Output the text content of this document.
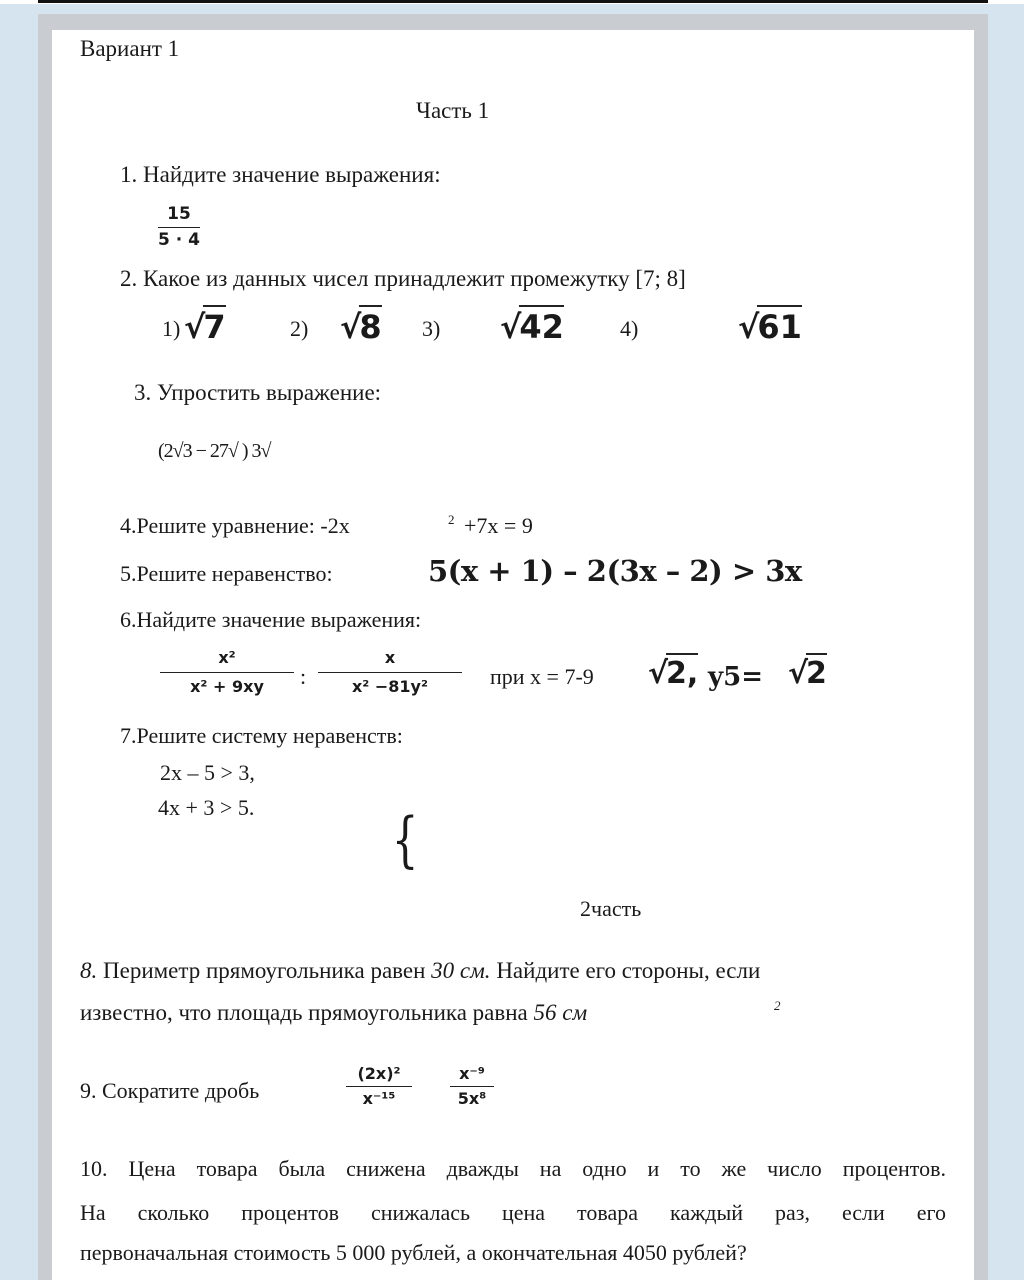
Вариант 1
Часть 1
1. Найдите значение выражения:
15
5 · 4
2. Какое из данных чисел принадлежит промежутку [7; 8]
1) √7	2) √8 3) √42	4)	√61
3. Упростить выражение:
(2√3 − 27√ ) 3√
4.Решите уравнение: -2x	2 +7x = 9
5.Решите неравенство:	5(x + 1) – 2(3x – 2) > 3x
6.Найдите значение выражения:
x²
x² + 9xy :
x
x² −81y²	при x = 7-9 √2, y5= √2
7.Решите систему неравенств:
2x – 5 > 3,
4x + 3 > 5. {
2часть
8. Периметр прямоугольника равен 30 см. Найдите его стороны, если
известно, что площадь прямоугольника равна 56 см	2
9. Сократите дробь
(2x)²
x⁻¹⁵
x⁻⁹
5x⁸
10. Цена товара была снижена дважды на одно и то же число процентов.
На сколько процентов снижалась цена товара каждый раз, если его
первоначальная стоимость 5 000 рублей, а окончательная 4050 рублей?
